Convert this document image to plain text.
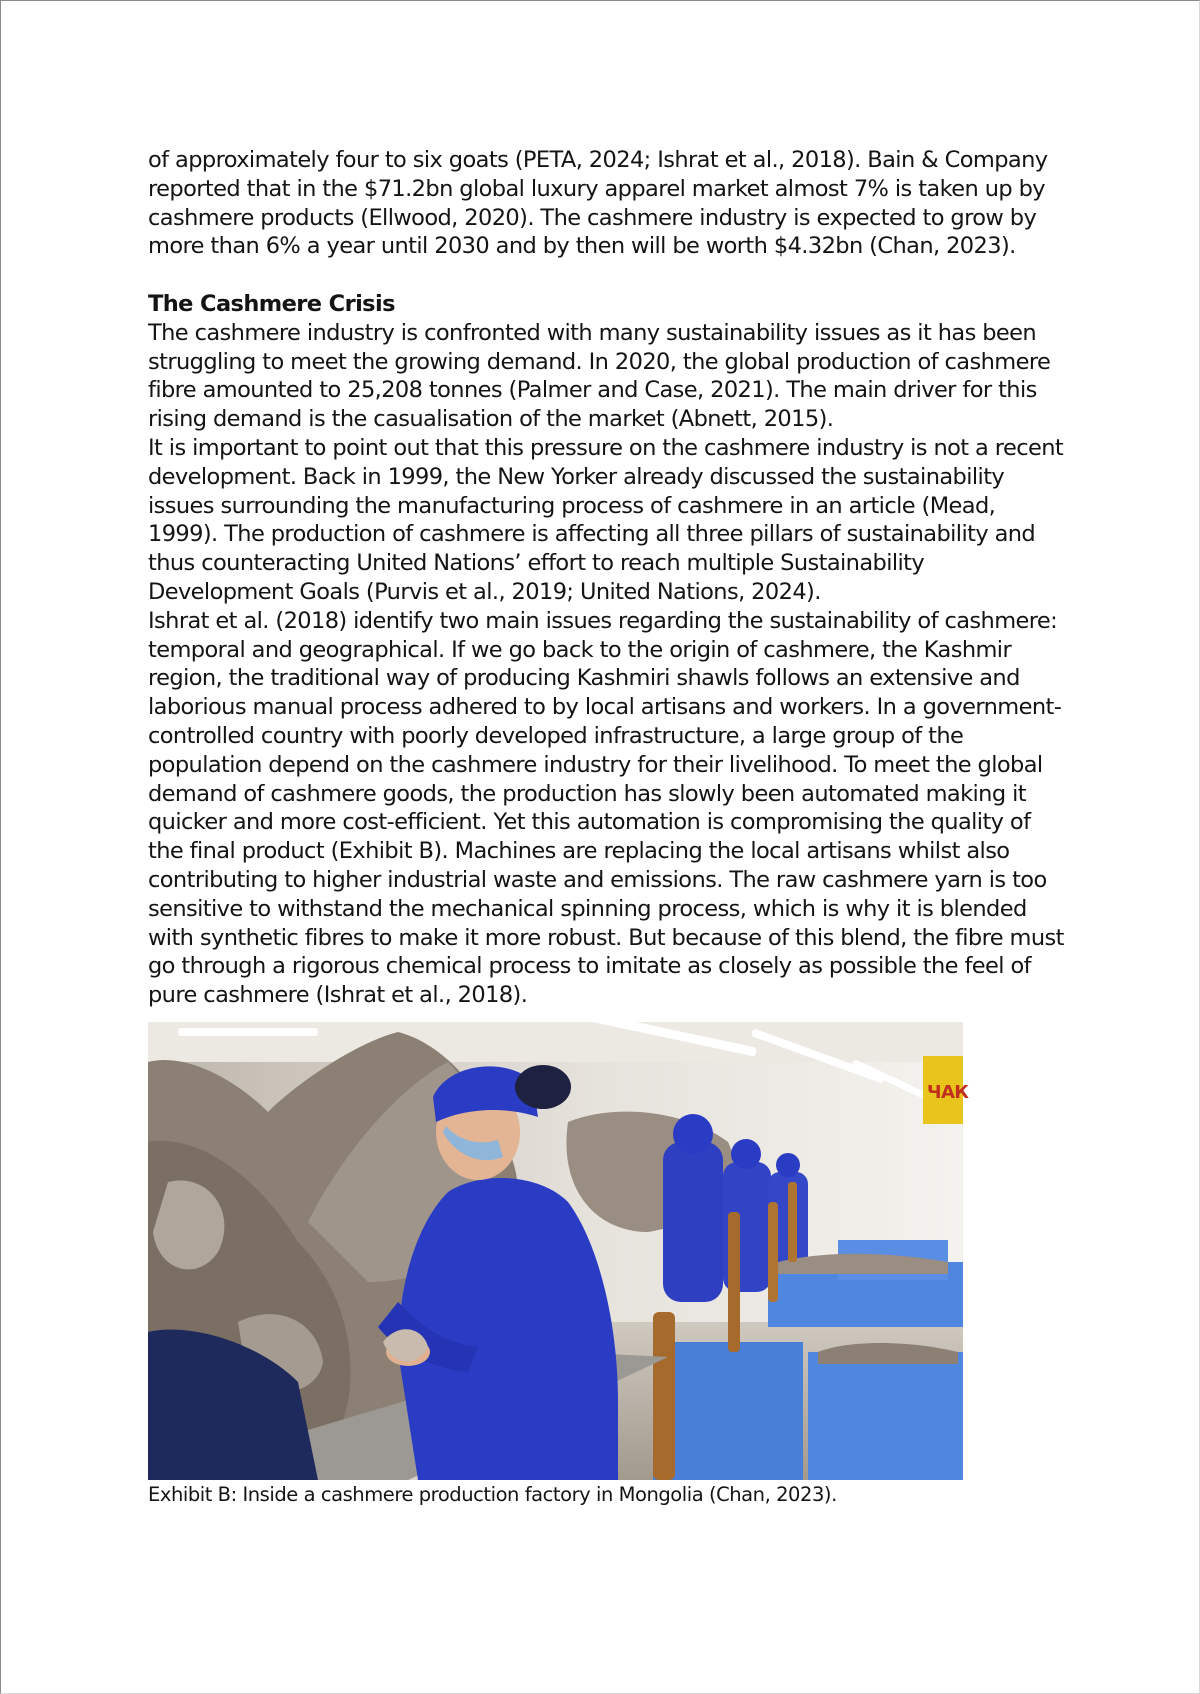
of approximately four to six goats (PETA, 2024; Ishrat et al., 2018). Bain & Company reported that in the $71.2bn global luxury apparel market almost 7% is taken up by cashmere products (Ellwood, 2020). The cashmere industry is expected to grow by more than 6% a year until 2030 and by then will be worth $4.32bn (Chan, 2023).

The Cashmere Crisis

The cashmere industry is confronted with many sustainability issues as it has been struggling to meet the growing demand. In 2020, the global production of cashmere fibre amounted to 25,208 tonnes (Palmer and Case, 2021). The main driver for this rising demand is the casualisation of the market (Abnett, 2015).

It is important to point out that this pressure on the cashmere industry is not a recent development. Back in 1999, the New Yorker already discussed the sustainability issues surrounding the manufacturing process of cashmere in an article (Mead, 1999). The production of cashmere is affecting all three pillars of sustainability and thus counteracting United Nations’ effort to reach multiple Sustainability Development Goals (Purvis et al., 2019; United Nations, 2024).

Ishrat et al. (2018) identify two main issues regarding the sustainability of cashmere: temporal and geographical. If we go back to the origin of cashmere, the Kashmir region, the traditional way of producing Kashmiri shawls follows an extensive and laborious manual process adhered to by local artisans and workers. In a government-controlled country with poorly developed infrastructure, a large group of the population depend on the cashmere industry for their livelihood. To meet the global demand of cashmere goods, the production has slowly been automated making it quicker and more cost-efficient. Yet this automation is compromising the quality of the final product (Exhibit B). Machines are replacing the local artisans whilst also contributing to higher industrial waste and emissions. The raw cashmere yarn is too sensitive to withstand the mechanical spinning process, which is why it is blended with synthetic fibres to make it more robust. But because of this blend, the fibre must go through a rigorous chemical process to imitate as closely as possible the feel of pure cashmere (Ishrat et al., 2018).

ЧАК
Exhibit B: Inside a cashmere production factory in Mongolia (Chan, 2023).
